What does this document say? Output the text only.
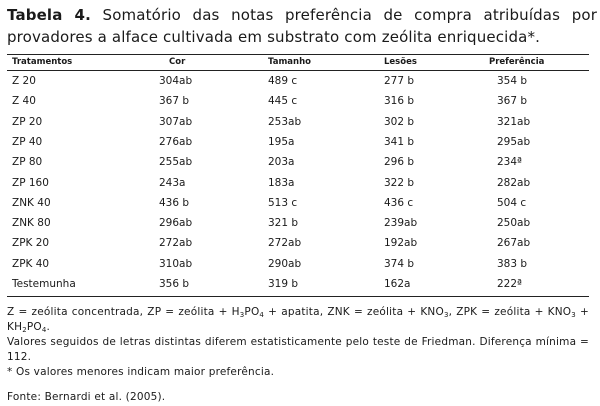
Tabela 4. Somatório das notas preferência de compra atribuídas por provadores a alface cultivada em substrato com zeólita enriquecida*.
Tratamentos	Cor	Tamanho	Lesões	Preferência
Z 20	304ab	489 c	277 b	354 b
Z 40	367 b	445 c	316 b	367 b
ZP 20	307ab	253ab	302 b	321ab
ZP 40	276ab	195a	341 b	295ab
ZP 80	255ab	203a	296 b	234ª
ZP 160	243a	183a	322 b	282ab
ZNK 40	436 b	513 c	436 c	504 c
ZNK 80	296ab	321 b	239ab	250ab
ZPK 20	272ab	272ab	192ab	267ab
ZPK 40	310ab	290ab	374 b	383 b
Testemunha	356 b	319 b	162a	222ª

Z = zeólita concentrada, ZP = zeólita + $H_3PO_4$ + apatita, ZNK = zeólita + $KNO_3$, ZPK = zeólita + $KNO_3 + KH_2PO_4$.

Valores seguidos de letras distintas diferem estatisticamente pelo teste de Friedman. Diferença mínima = 112.

* Os valores menores indicam maior preferência.

Fonte: Bernardi et al. (2005).
